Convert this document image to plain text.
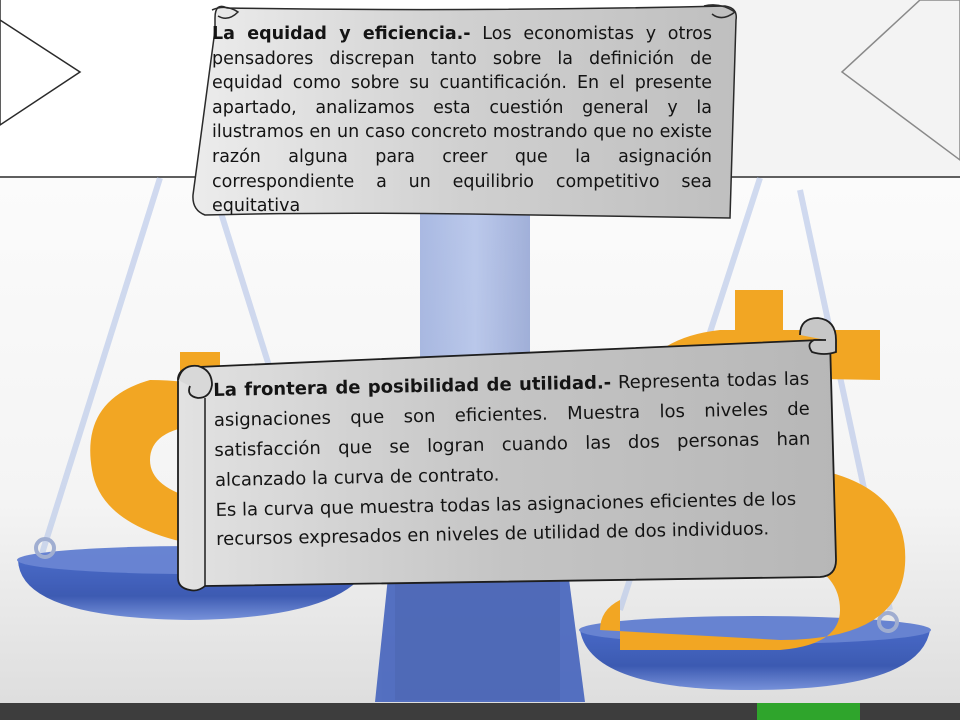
La equidad y eficiencia.- Los economistas y otros pensadores discrepan tanto sobre la definición de equidad como sobre su cuantificación. En el presente apartado, analizamos esta cuestión general y la ilustramos en un caso concreto mostrando que no existe razón alguna para creer que la asignación correspondiente a un equilibrio competitivo sea equitativa

La frontera de posibilidad de utilidad.- Representa todas las asignaciones que son eficientes. Muestra los niveles de satisfacción que se logran cuando las dos personas han alcanzado la curva de contrato.

Es la curva que muestra todas las asignaciones eficientes de los recursos expresados en niveles de utilidad de dos individuos.
